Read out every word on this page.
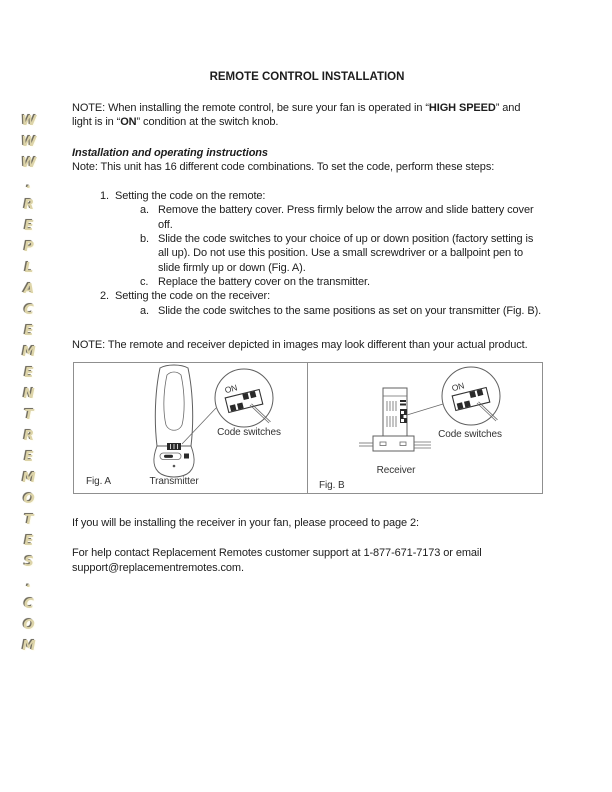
W
W
W
.
R
E
P
L
A
C
E
M
E
N
T
R
E
M
O
T
E
S
.
C
O
M
REMOTE CONTROL INSTALLATION

NOTE: When installing the remote control, be sure your fan is operated in “HIGH SPEED” and light is in “ON” condition at the switch knob.

Installation and operating instructions

Note: This unit has 16 different code combinations. To set the code, perform these steps:

1. Setting the code on the remote:
a. Remove the battery cover. Press firmly below the arrow and slide battery cover off.
b. Slide the code switches to your choice of up or down position (factory setting is all up). Do not use this position. Use a small screwdriver or a ballpoint pen to slide firmly up or down (Fig. A).
c. Replace the battery cover on the transmitter.
2. Setting the code on the receiver:
a. Slide the code switches to the same positions as set on your transmitter (Fig. B).

NOTE: The remote and receiver depicted in images may look different than your actual product.

ON
Code switches
Transmitter
Fig. A
ON
Code switches
Receiver
Fig. B

If you will be installing the receiver in your fan, please proceed to page 2:

For help contact Replacement Remotes customer support at 1-877-671-7173 or email support@replacementremotes.com.
